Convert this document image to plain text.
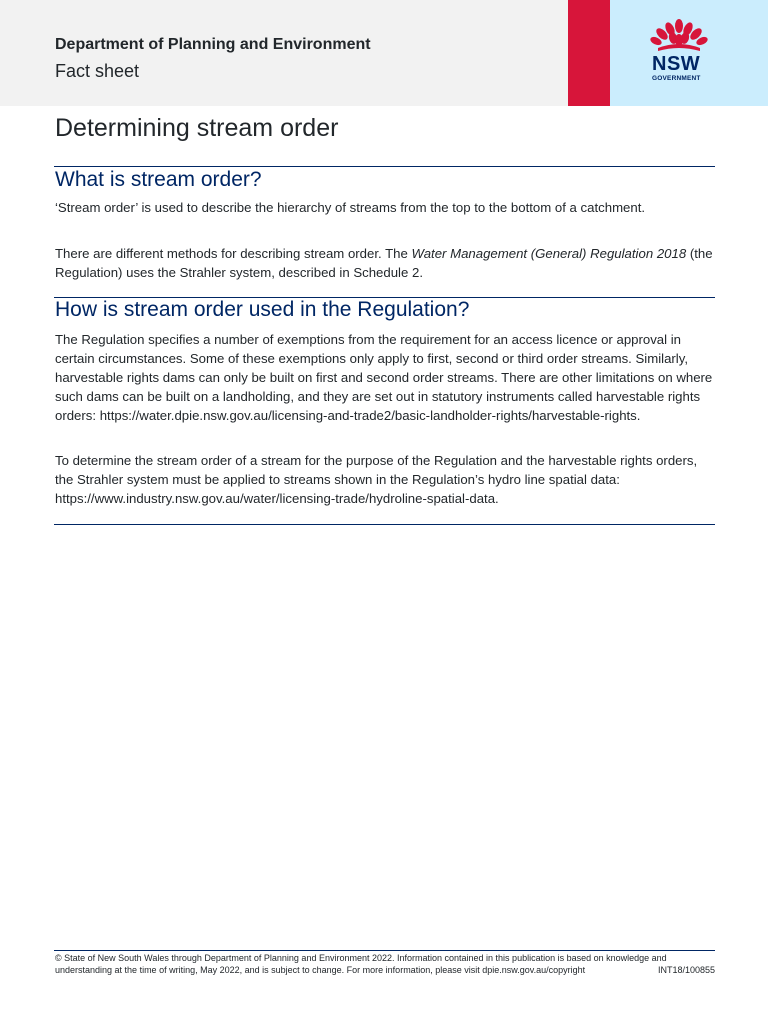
Department of Planning and Environment
Fact sheet	NSW
GOVERNMENT
Determining stream order
What is stream order?

‘Stream order’ is used to describe the hierarchy of streams from the top to the bottom of a catchment.

There are different methods for describing stream order. The Water Management (General) Regulation 2018 (the Regulation) uses the Strahler system, described in Schedule 2.

How is stream order used in the Regulation?

The Regulation specifies a number of exemptions from the requirement for an access licence or approval in certain circumstances. Some of these exemptions only apply to first, second or third order streams. Similarly, harvestable rights dams can only be built on first and second order streams. There are other limitations on where such dams can be built on a landholding, and they are set out in statutory instruments called harvestable rights orders: https://water.dpie.nsw.gov.au/licensing-and-trade2/basic-landholder-rights/harvestable-rights.

To determine the stream order of a stream for the purpose of the Regulation and the harvestable rights orders, the Strahler system must be applied to streams shown in the Regulation’s hydro line spatial data: https://www.industry.nsw.gov.au/water/licensing-trade/hydroline-spatial-data.

© State of New South Wales through Department of Planning and Environment 2022. Information contained in this publication is based on knowledge and understanding at the time of writing, May 2022, and is subject to change. For more information, please visit dpie.nsw.gov.au/copyright	INT18/100855
